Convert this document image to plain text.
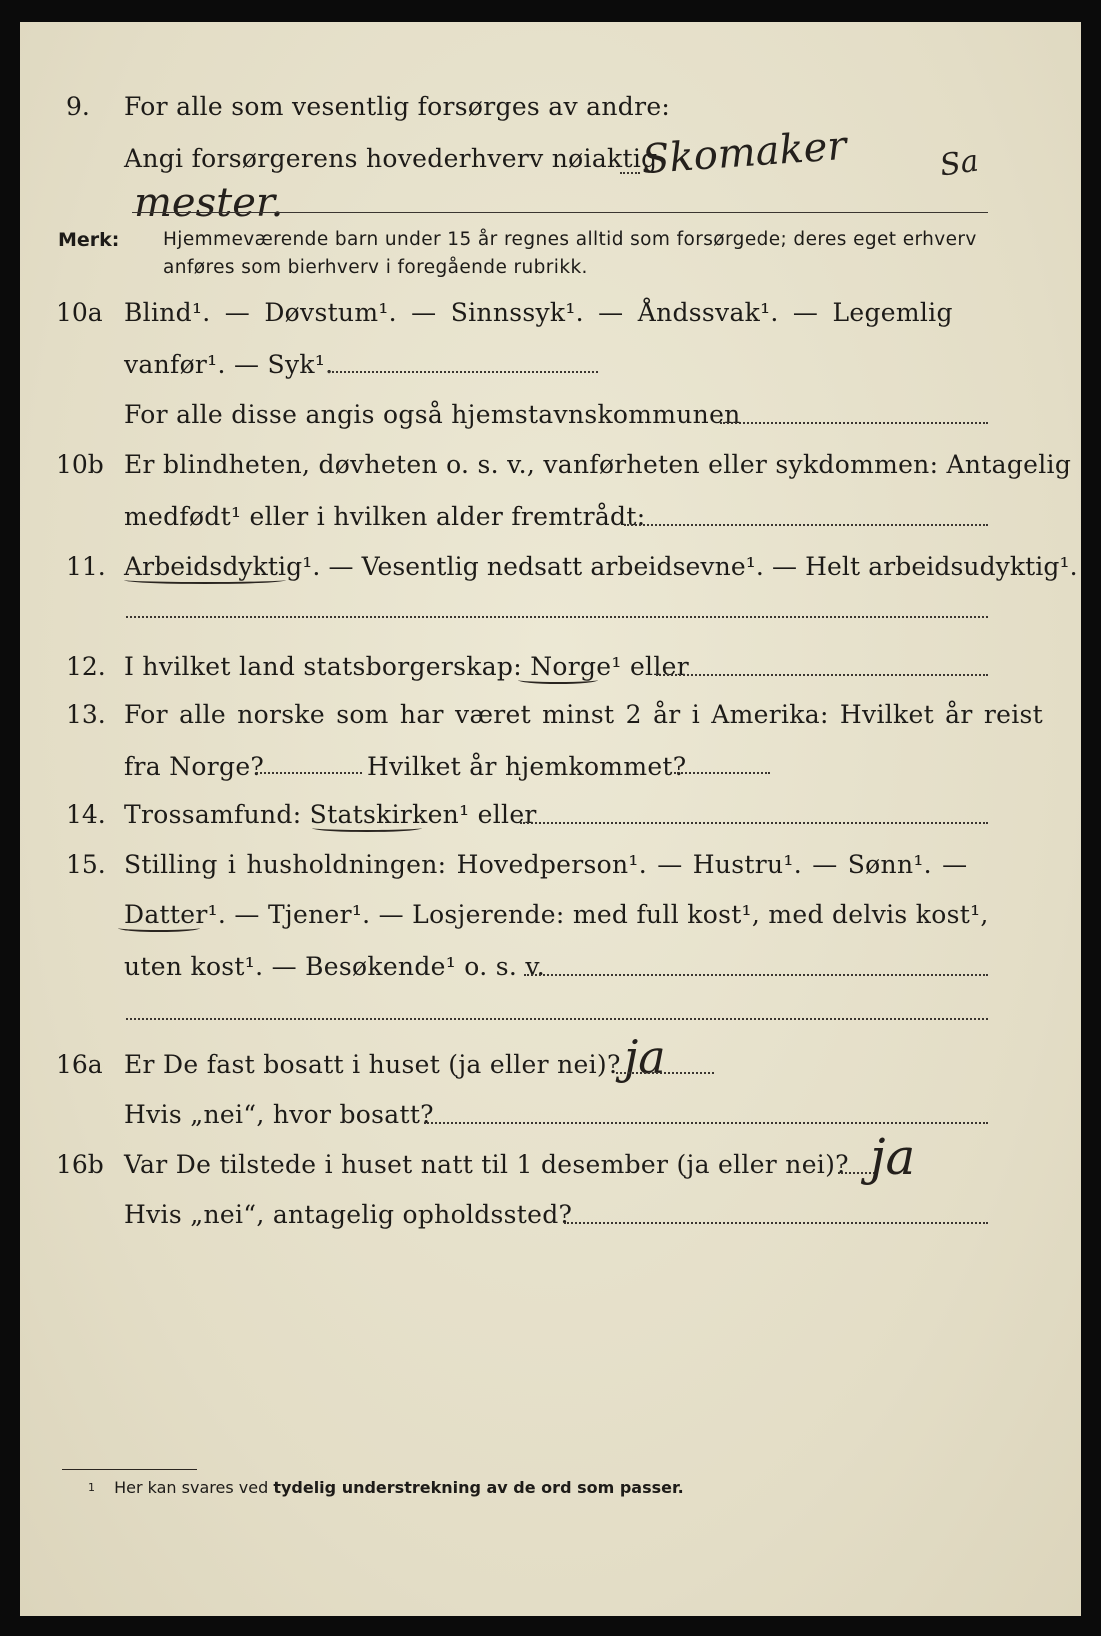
9. For alle som vesentlig forsørges av andre:
Angi forsørgerens hovederhverv nøiaktig
Skomaker	Sa
mester.
Merk: Hjemmeværende barn under 15 år regnes alltid som forsørgede; deres eget erhverv
anføres som bierhverv i foregående rubrikk.
10a Blind¹. — Døvstum¹. — Sinnssyk¹. — Åndssvak¹. — Legemlig
vanfør¹. — Syk¹.
For alle disse angis også hjemstavnskommunen
10b Er blindheten, døvheten o. s. v., vanførheten eller sykdommen: Antagelig
medfødt¹ eller i hvilken alder fremtrådt:
11. Arbeidsdyktig¹. — Vesentlig nedsatt arbeidsevne¹. — Helt arbeidsudyktig¹.
12. I hvilket land statsborgerskap: Norge¹ eller
13. For alle norske som har været minst 2 år i Amerika: Hvilket år reist
fra Norge?	Hvilket år hjemkommet?
14. Trossamfund: Statskirken¹ eller
15. Stilling i husholdningen: Hovedperson¹. — Hustru¹. — Sønn¹. —
Datter¹. — Tjener¹. — Losjerende: med full kost¹, med delvis kost¹,
uten kost¹. — Besøkende¹ o. s. v.
16a Er De fast bosatt i huset (ja eller nei)? ja
Hvis „nei“, hvor bosatt?
16b Var De tilstede i huset natt til 1 desember (ja eller nei)? ja
Hvis „nei“, antagelig opholdssted?
1 Her kan svares ved tydelig understrekning av de ord som passer.
